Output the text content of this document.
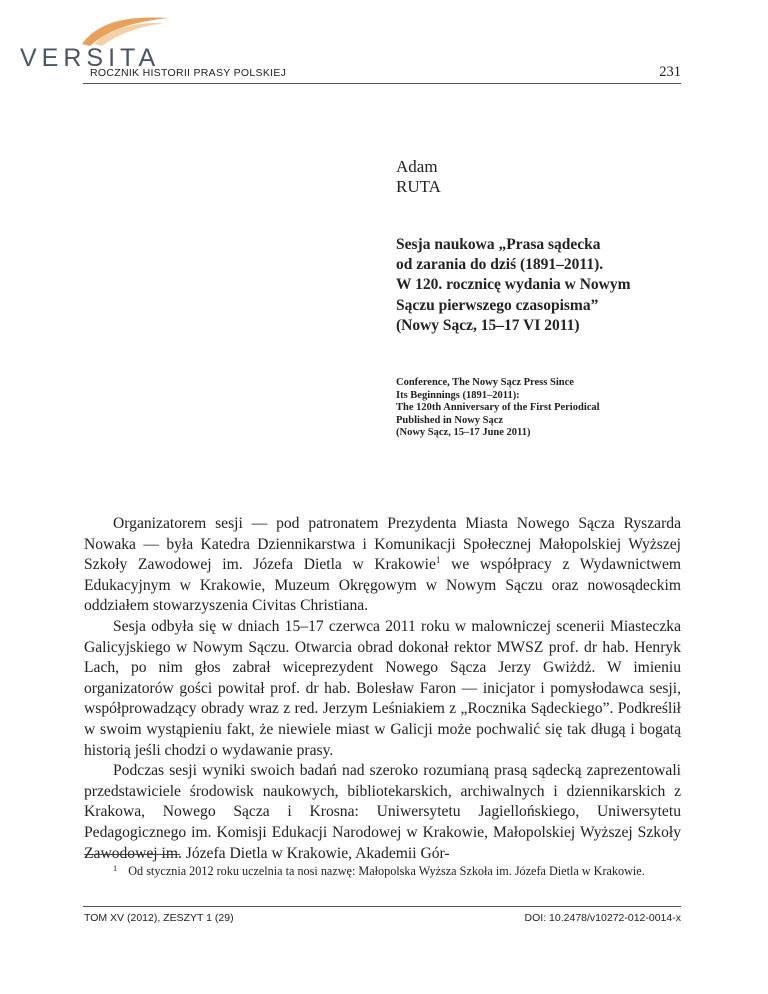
VERSITA
ROCZNIK HISTORII PRASY POLSKIEJ	231
Adam
RUTA
Sesja naukowa „Prasa sądecka
od zarania do dziś (1891–2011).
W 120. rocznicę wydania w Nowym
Sączu pierwszego czasopisma”
(Nowy Sącz, 15–17 VI 2011)
Conference, The Nowy Sącz Press Since
Its Beginnings (1891–2011):
The 120th Anniversary of the First Periodical
Published in Nowy Sącz
(Nowy Sącz, 15–17 June 2011)

Organizatorem sesji — pod patronatem Prezydenta Miasta Nowego Sącza Ryszarda Nowaka — była Katedra Dziennikarstwa i Komunikacji Społecznej Małopolskiej Wyższej Szkoły Zawodowej im. Józefa Dietla w Krakowie$^1$ we współpracy z Wydawnictwem Edukacyjnym w Krakowie, Muzeum Okręgowym w Nowym Sączu oraz nowosądeckim oddziałem stowarzyszenia Civitas Christiana.

Sesja odbyła się w dniach 15–17 czerwca 2011 roku w malowniczej scenerii Miasteczka Galicyjskiego w Nowym Sączu. Otwarcia obrad dokonał rektor MWSZ prof. dr hab. Henryk Lach, po nim głos zabrał wiceprezydent Nowego Sącza Jerzy Gwiżdż. W imieniu organizatorów gości powitał prof. dr hab. Bolesław Faron — inicjator i pomysłodawca sesji, współprowadzący obrady wraz z red. Jerzym Leśniakiem z „Rocznika Sądeckiego”. Podkreślił w swoim wystąpieniu fakt, że niewiele miast w Galicji może pochwalić się tak długą i bogatą historią jeśli chodzi o wydawanie prasy.

Podczas sesji wyniki swoich badań nad szeroko rozumianą prasą sądecką zaprezentowali przedstawiciele środowisk naukowych, bibliotekarskich, archiwalnych i dziennikarskich z Krakowa, Nowego Sącza i Krosna: Uniwersytetu Jagiellońskiego, Uniwersytetu Pedagogicznego im. Komisji Edukacji Narodowej w Krakowie, Małopolskiej Wyższej Szkoły Zawodowej im. Józefa Dietla w Krakowie, Akademii Gór-

$^1$ Od stycznia 2012 roku uczelnia ta nosi nazwę: Małopolska Wyższa Szkoła im. Józefa Dietla w Krakowie.
TOM XV (2012), ZESZYT 1 (29)	DOI: 10.2478/v10272-012-0014-x
